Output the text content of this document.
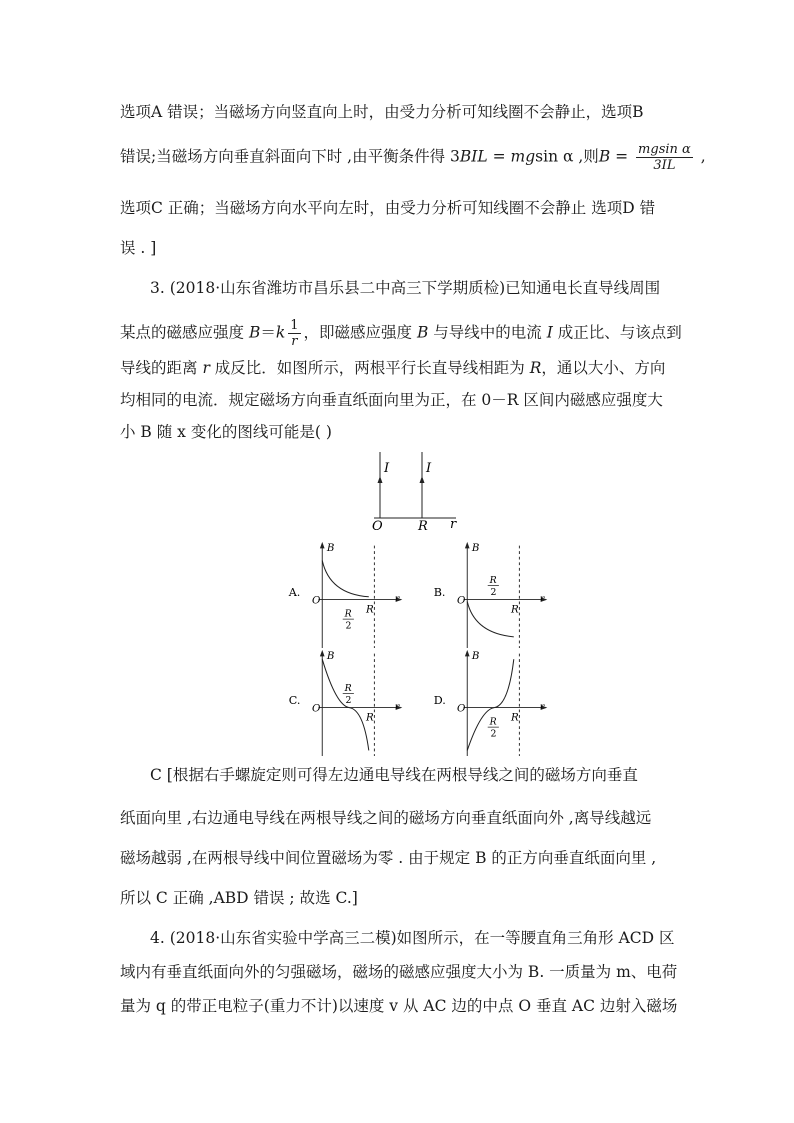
选项A 错误；当磁场方向竖直向上时，由受力分析可知线圈不会静止，选项B
错误;当磁场方向垂直斜面向下时 ,由平衡条件得 3BIL = mgsin α ,则$B = \frac{\text{mgsin α}}{3IL}$ ,
选项C 正确；当磁场方向水平向左时，由受力分析可知线圈不会静止 选项D 错
误 . ]
3. (2018·山东省潍坊市昌乐县二中高三下学期质检)已知通电长直导线周围
某点的磁感应强度 $B=k \frac{1}{r}$ ，即磁感应强度 B 与导线中的电流 I 成正比、与该点到
导线的距离 r 成反比．如图所示，两根平行长直导线相距为 R，通以大小、方向
均相同的电流．规定磁场方向垂直纸面向里为正，在 0－R 区间内磁感应强度大
小 B 随 x 变化的图线可能是( )
I	I
O	R r
A.
B
O	r
R
R
2
B.
B
O	r
R
R
2
C.
B
O	r
R
R
2	D.
B
O	r
R
R
2
C [根据右手螺旋定则可得左边通电导线在两根导线之间的磁场方向垂直
纸面向里 ,右边通电导线在两根导线之间的磁场方向垂直纸面向外 ,离导线越远
磁场越弱 ,在两根导线中间位置磁场为零 . 由于规定 B 的正方向垂直纸面向里 ,
所以 C 正确 ,ABD 错误 ; 故选 C.]
4. (2018·山东省实验中学高三二模)如图所示，在一等腰直角三角形 ACD 区
域内有垂直纸面向外的匀强磁场，磁场的磁感应强度大小为 B. 一质量为 m、电荷
量为 q 的带正电粒子(重力不计)以速度 v 从 AC 边的中点 O 垂直 AC 边射入磁场
